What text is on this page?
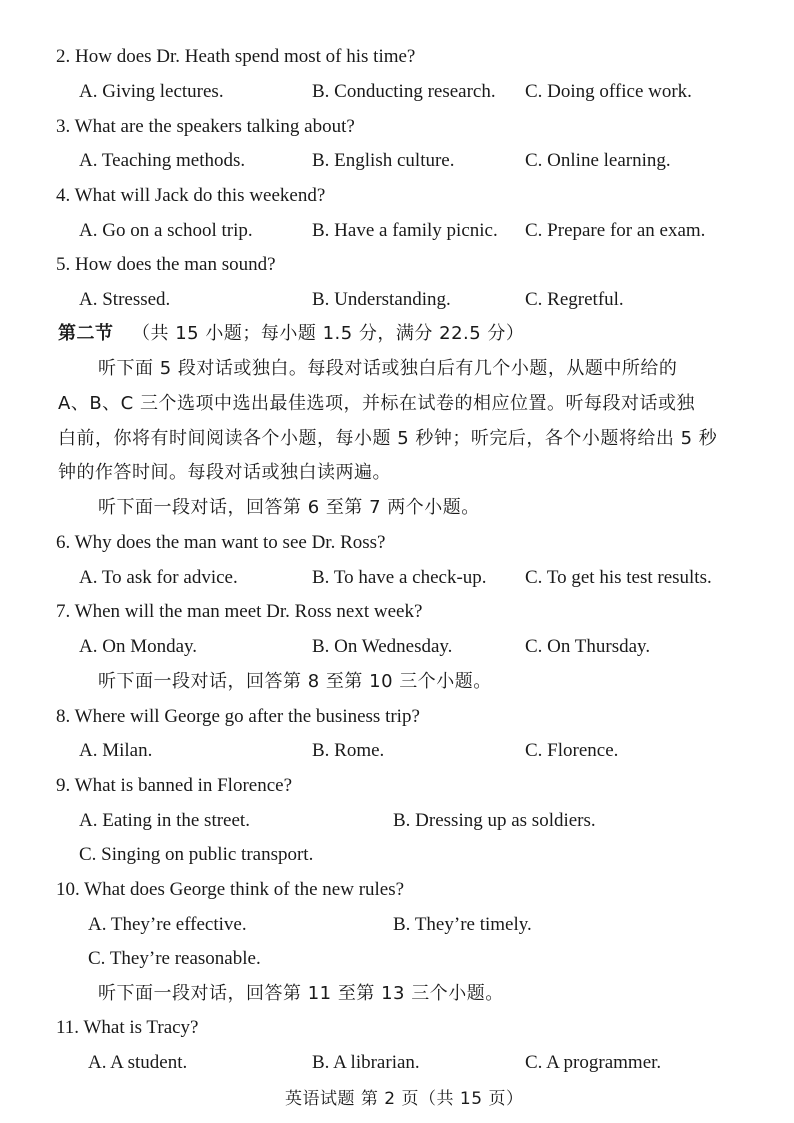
2. How does Dr. Heath spend most of his time?
A. Giving lectures.	B. Conducting research. C. Doing office work.
3. What are the speakers talking about?
A. Teaching methods.	B. English culture.	C. Online learning.
4. What will Jack do this weekend?
A. Go on a school trip.	B. Have a family picnic. C. Prepare for an exam.
5. How does the man sound?
A. Stressed.	B. Understanding.	C. Regretful.
第二节 （共 15 小题；每小题 1.5 分，满分 22.5 分）
听下面 5 段对话或独白。每段对话或独白后有几个小题，从题中所给的
A、B、C 三个选项中选出最佳选项，并标在试卷的相应位置。听每段对话或独
白前，你将有时间阅读各个小题，每小题 5 秒钟；听完后，各个小题将给出 5 秒
钟的作答时间。每段对话或独白读两遍。
听下面一段对话，回答第 6 至第 7 两个小题。
6. Why does the man want to see Dr. Ross?
A. To ask for advice.	B. To have a check-up. C. To get his test results.
7. When will the man meet Dr. Ross next week?
A. On Monday.	B. On Wednesday.	C. On Thursday.
听下面一段对话，回答第 8 至第 10 三个小题。
8. Where will George go after the business trip?
A. Milan.	B. Rome.	C. Florence.
9. What is banned in Florence?
A. Eating in the street.	B. Dressing up as soldiers.
C. Singing on public transport.
10. What does George think of the new rules?
A. They’re effective.	B. They’re timely.
C. They’re reasonable.
听下面一段对话，回答第 11 至第 13 三个小题。
11. What is Tracy?
A. A student.	B. A librarian.	C. A programmer.
英语试题 第 2 页（共 15 页）
